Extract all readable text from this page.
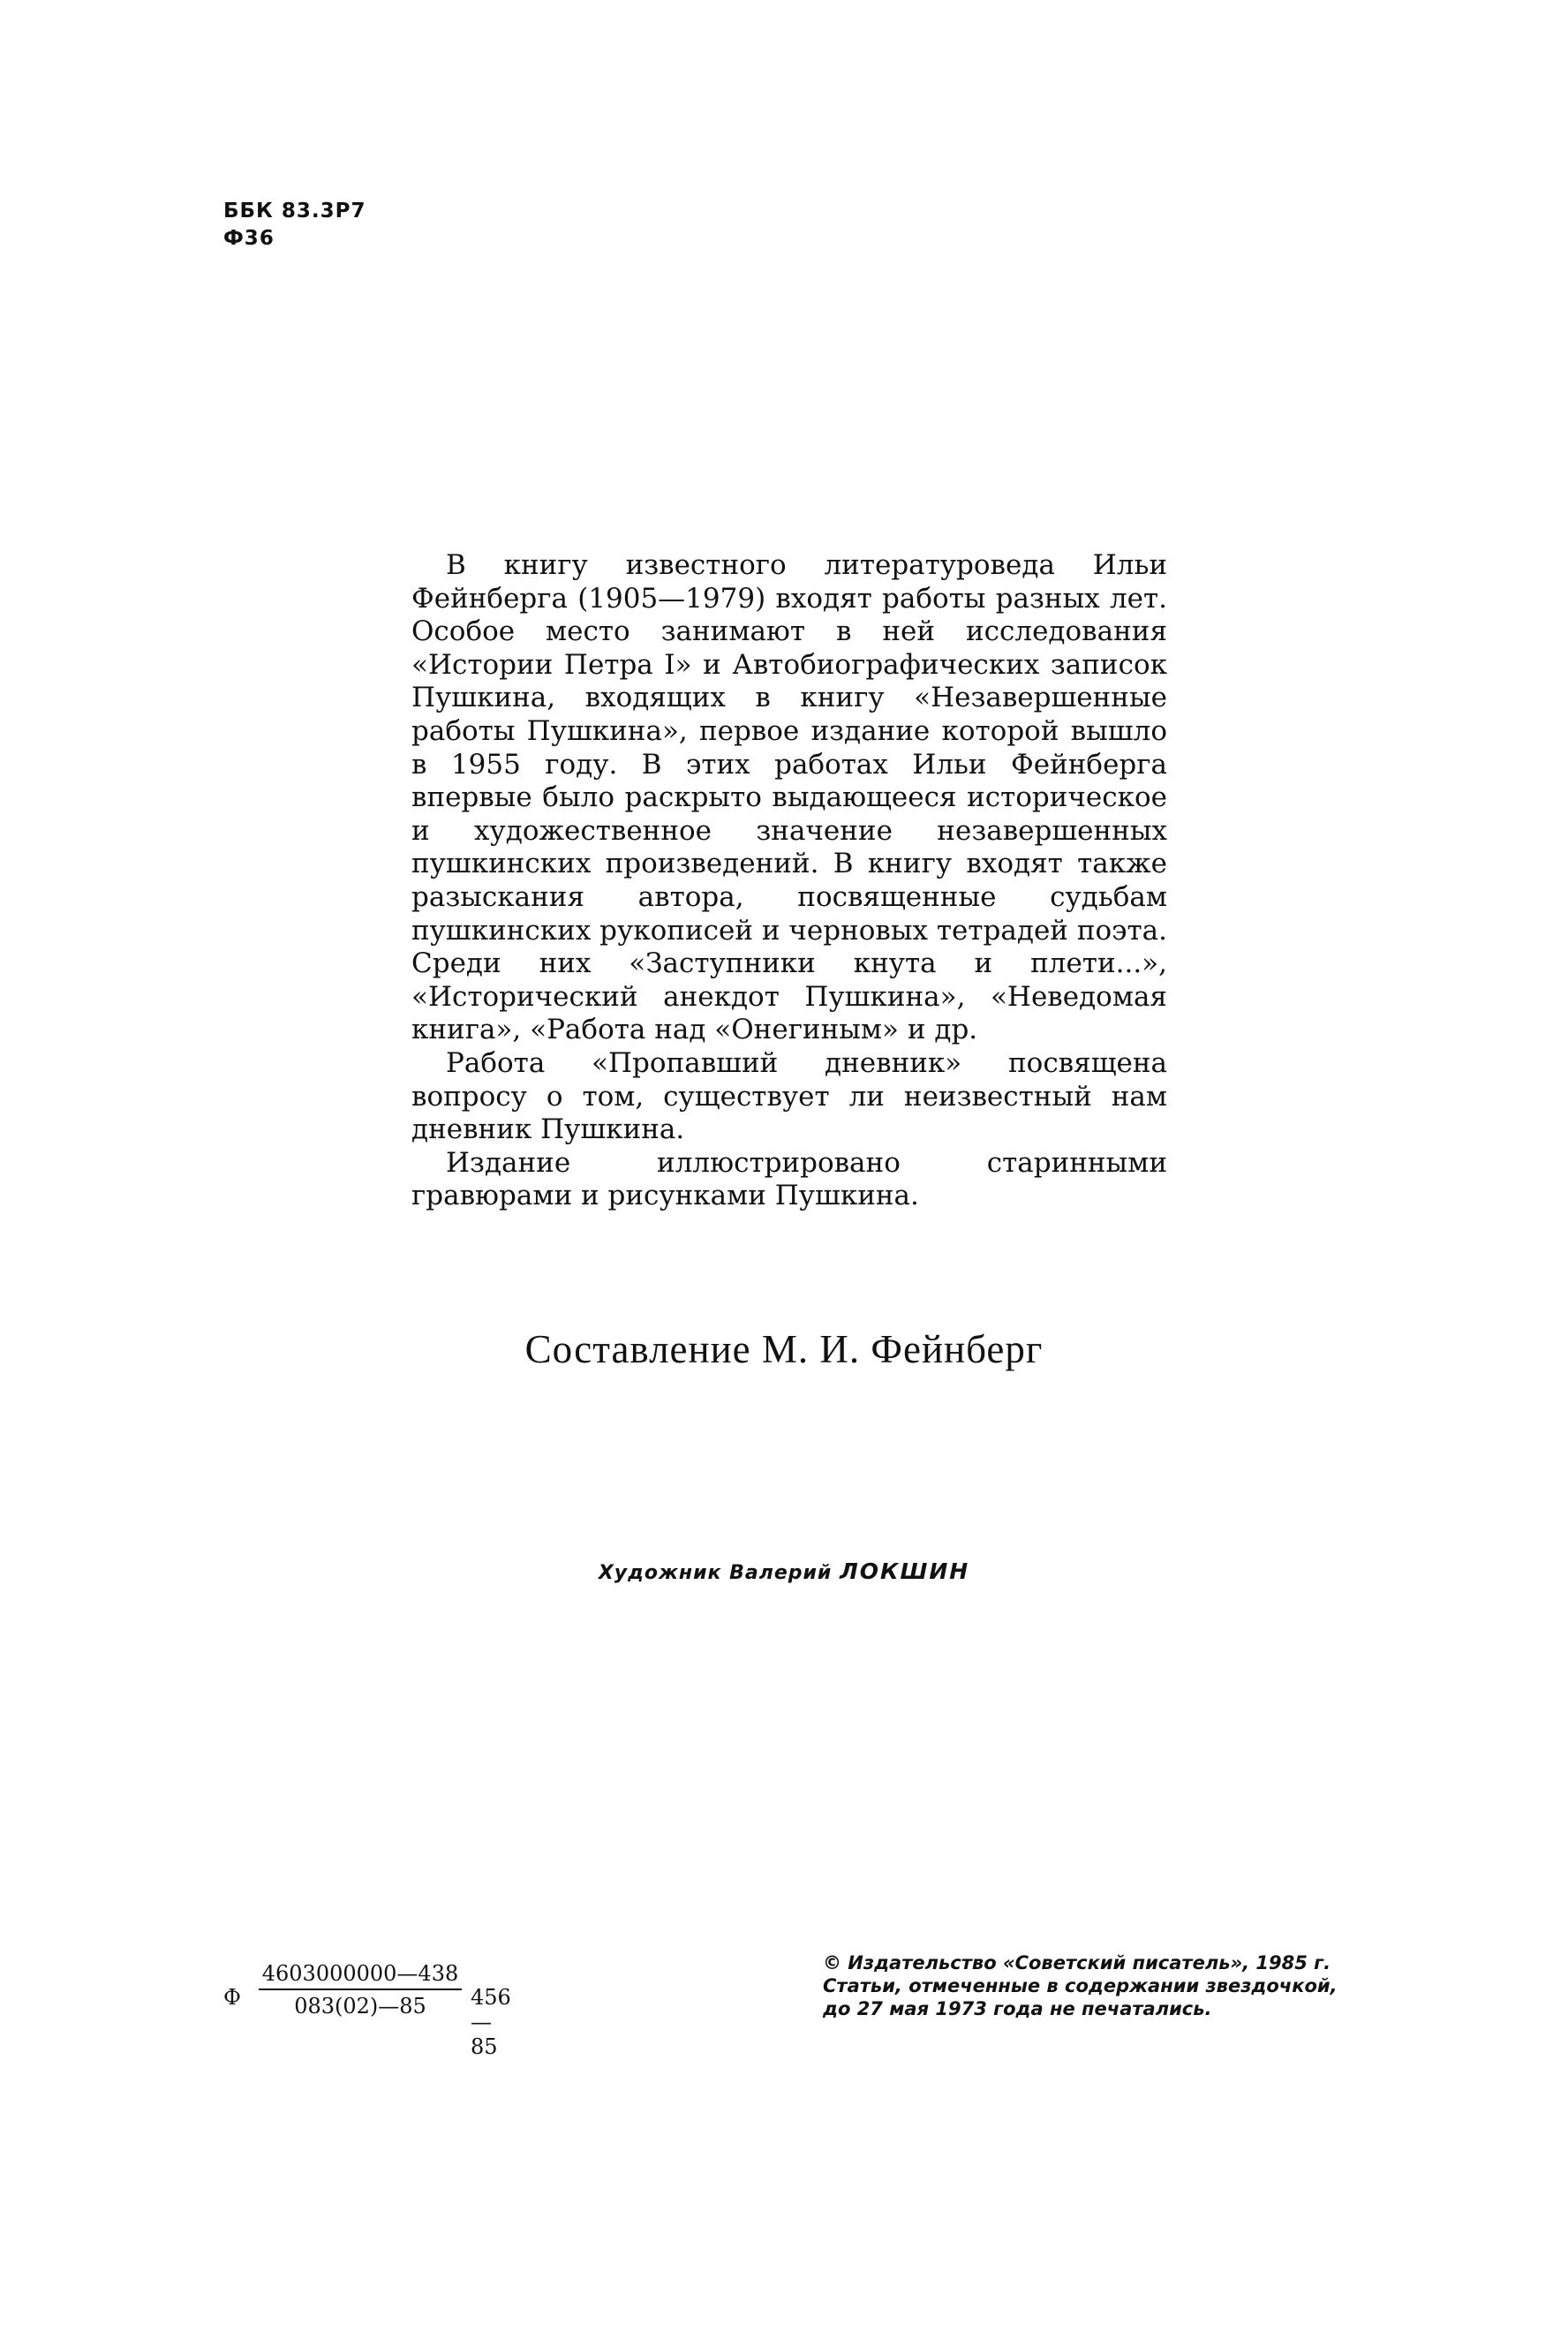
ББК 83.3Р7
Ф36

В книгу известного литературоведа Ильи Фейнберга (1905—1979) входят работы разных лет. Особое место занимают в ней исследования «Истории Петра I» и Автобиографических записок Пушкина, входящих в книгу «Незавершенные работы Пушкина», первое издание которой вышло в 1955 году. В этих работах Ильи Фейнберга впервые было раскрыто выдающееся историческое и художественное значение незавершенных пушкинских произведений. В книгу входят также разыскания автора, посвященные судьбам пушкинских рукописей и черновых тетрадей поэта. Среди них «Заступники кнута и плети...», «Исторический анекдот Пушкина», «Неведомая книга», «Работа над «Онегиным» и др.

Работа «Пропавший дневник» посвящена вопросу о том, существует ли неизвестный нам дневник Пушкина.

Издание иллюстрировано старинными гравюрами и рисунками Пушкина.

Составление М. И. Фейнберг
Художник Валерий ЛОКШИН
Ф $\frac{4603000000—438}{083(02)—85}$ 456—85
© Издательство «Советский писатель», 1985 г.
Статьи, отмеченные в содержании звездочкой,
до 27 мая 1973 года не печатались.
